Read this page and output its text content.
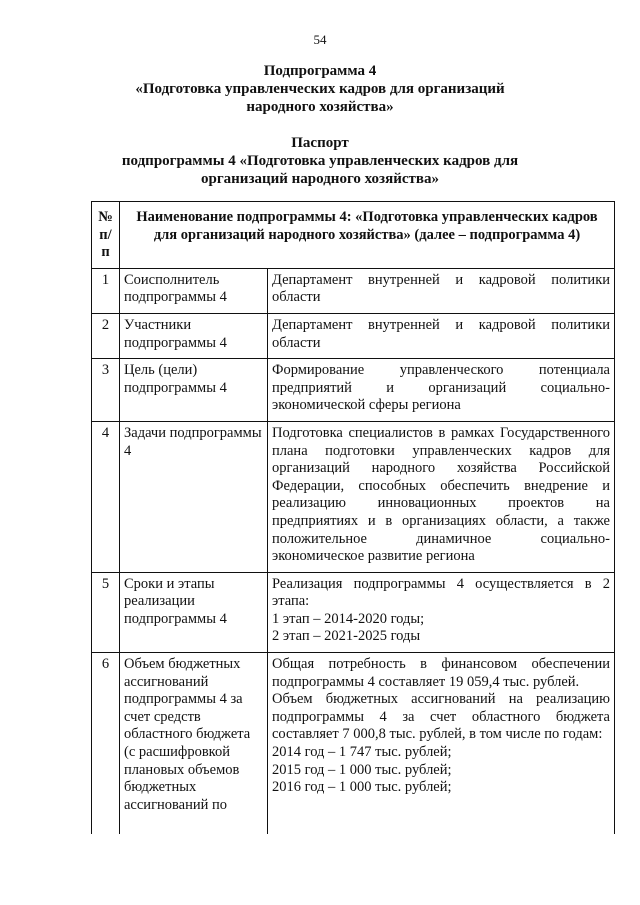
54
Подпрограмма 4
«Подготовка управленческих кадров для организаций
народного хозяйства»
Паспорт
подпрограммы 4 «Подготовка управленческих кадров для
организаций народного хозяйства»
№ п/п	Наименование подпрограммы 4: «Подготовка управленческих кадров для организаций народного хозяйства» (далее – подпрограмма 4)	
1	Соисполнитель подпрограммы 4	Департамент внутренней и кадровой политики области

2	Участники подпрограммы 4	Департамент внутренней и кадровой политики области

3	Цель (цели) подпрограммы 4	Формирование управленческого потенциала предприятий и организаций социально-экономической сферы региона

4	Задачи подпрограммы 4	Подготовка специалистов в рамках Государственного плана подготовки управленческих кадров для организаций народного хозяйства Российской Федерации, способных обеспечить внедрение и реализацию инновационных проектов на предприятиях и в организациях области, а также положительное динамичное социально-экономическое развитие региона

5	Сроки и этапы реализации подпрограммы 4	Реализация подпрограммы 4 осуществляется в 2 этапа:
1 этап – 2014-2020 годы;
2 этап – 2021-2025 годы

6	Объем бюджетных ассигнований подпрограммы 4 за счет средств областного бюджета (с расшифровкой плановых объемов бюджетных ассигнований по	Общая потребность в финансовом обеспечении подпрограммы 4 составляет 19 059,4 тыс. рублей.
Объем бюджетных ассигнований на реализацию подпрограммы 4 за счет областного бюджета составляет 7 000,8 тыс. рублей, в том числе по годам:
2014 год – 1 747 тыс. рублей;
2015 год – 1 000 тыс. рублей;
2016 год – 1 000 тыс. рублей;
